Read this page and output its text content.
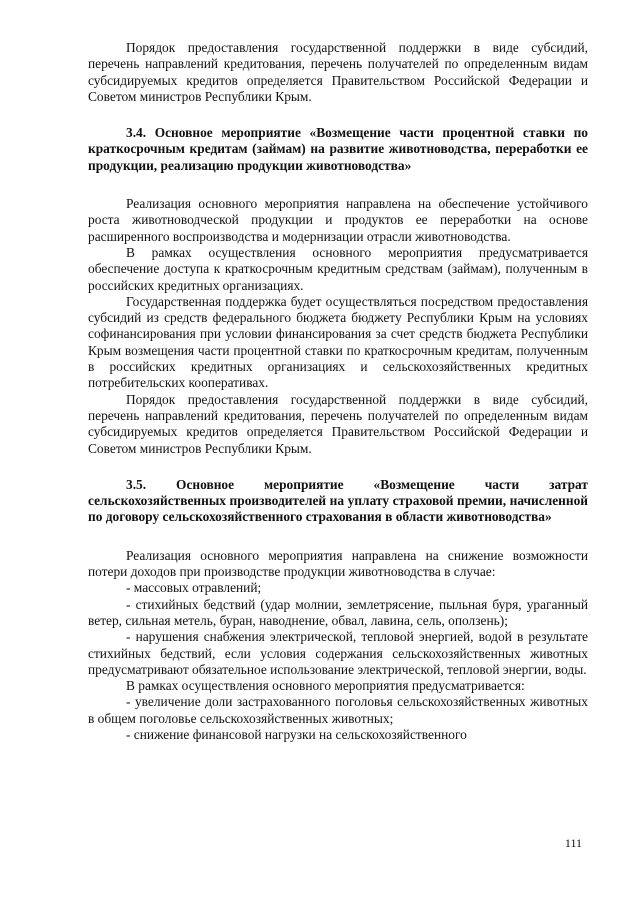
Порядок предоставления государственной поддержки в виде субсидий, перечень направлений кредитования, перечень получателей по определенным видам субсидируемых кредитов определяется Правительством Российской Федерации и Советом министров Республики Крым.

3.4. Основное мероприятие «Возмещение части процентной ставки по краткосрочным кредитам (займам) на развитие животноводства, переработки ее продукции, реализацию продукции животноводства»

Реализация основного мероприятия направлена на обеспечение устойчивого роста животноводческой продукции и продуктов ее переработки на основе расширенного воспроизводства и модернизации отрасли животноводства.

В рамках осуществления основного мероприятия предусматривается обеспечение доступа к краткосрочным кредитным средствам (займам), полученным в российских кредитных организациях.

Государственная поддержка будет осуществляться посредством предоставления субсидий из средств федерального бюджета бюджету Республики Крым на условиях софинансирования при условии финансирования за счет средств бюджета Республики Крым возмещения части процентной ставки по краткосрочным кредитам, полученным в российских кредитных организациях и сельскохозяйственных кредитных потребительских кооперативах.

Порядок предоставления государственной поддержки в виде субсидий, перечень направлений кредитования, перечень получателей по определенным видам субсидируемых кредитов определяется Правительством Российской Федерации и Советом министров Республики Крым.

3.5. Основное мероприятие «Возмещение части затрат сельскохозяйственных производителей на уплату страховой премии, начисленной по договору сельскохозяйственного страхования в области животноводства»

Реализация основного мероприятия направлена на снижение возможности потери доходов при производстве продукции животноводства в случае:

- массовых отравлений;

- стихийных бедствий (удар молнии, землетрясение, пыльная буря, ураганный ветер, сильная метель, буран, наводнение, обвал, лавина, сель, оползень);

- нарушения снабжения электрической, тепловой энергией, водой в результате стихийных бедствий, если условия содержания сельскохозяйственных животных предусматривают обязательное использование электрической, тепловой энергии, воды.

В рамках осуществления основного мероприятия предусматривается:

- увеличение доли застрахованного поголовья сельскохозяйственных животных в общем поголовье сельскохозяйственных животных;

- снижение финансовой нагрузки на сельскохозяйственного

111
